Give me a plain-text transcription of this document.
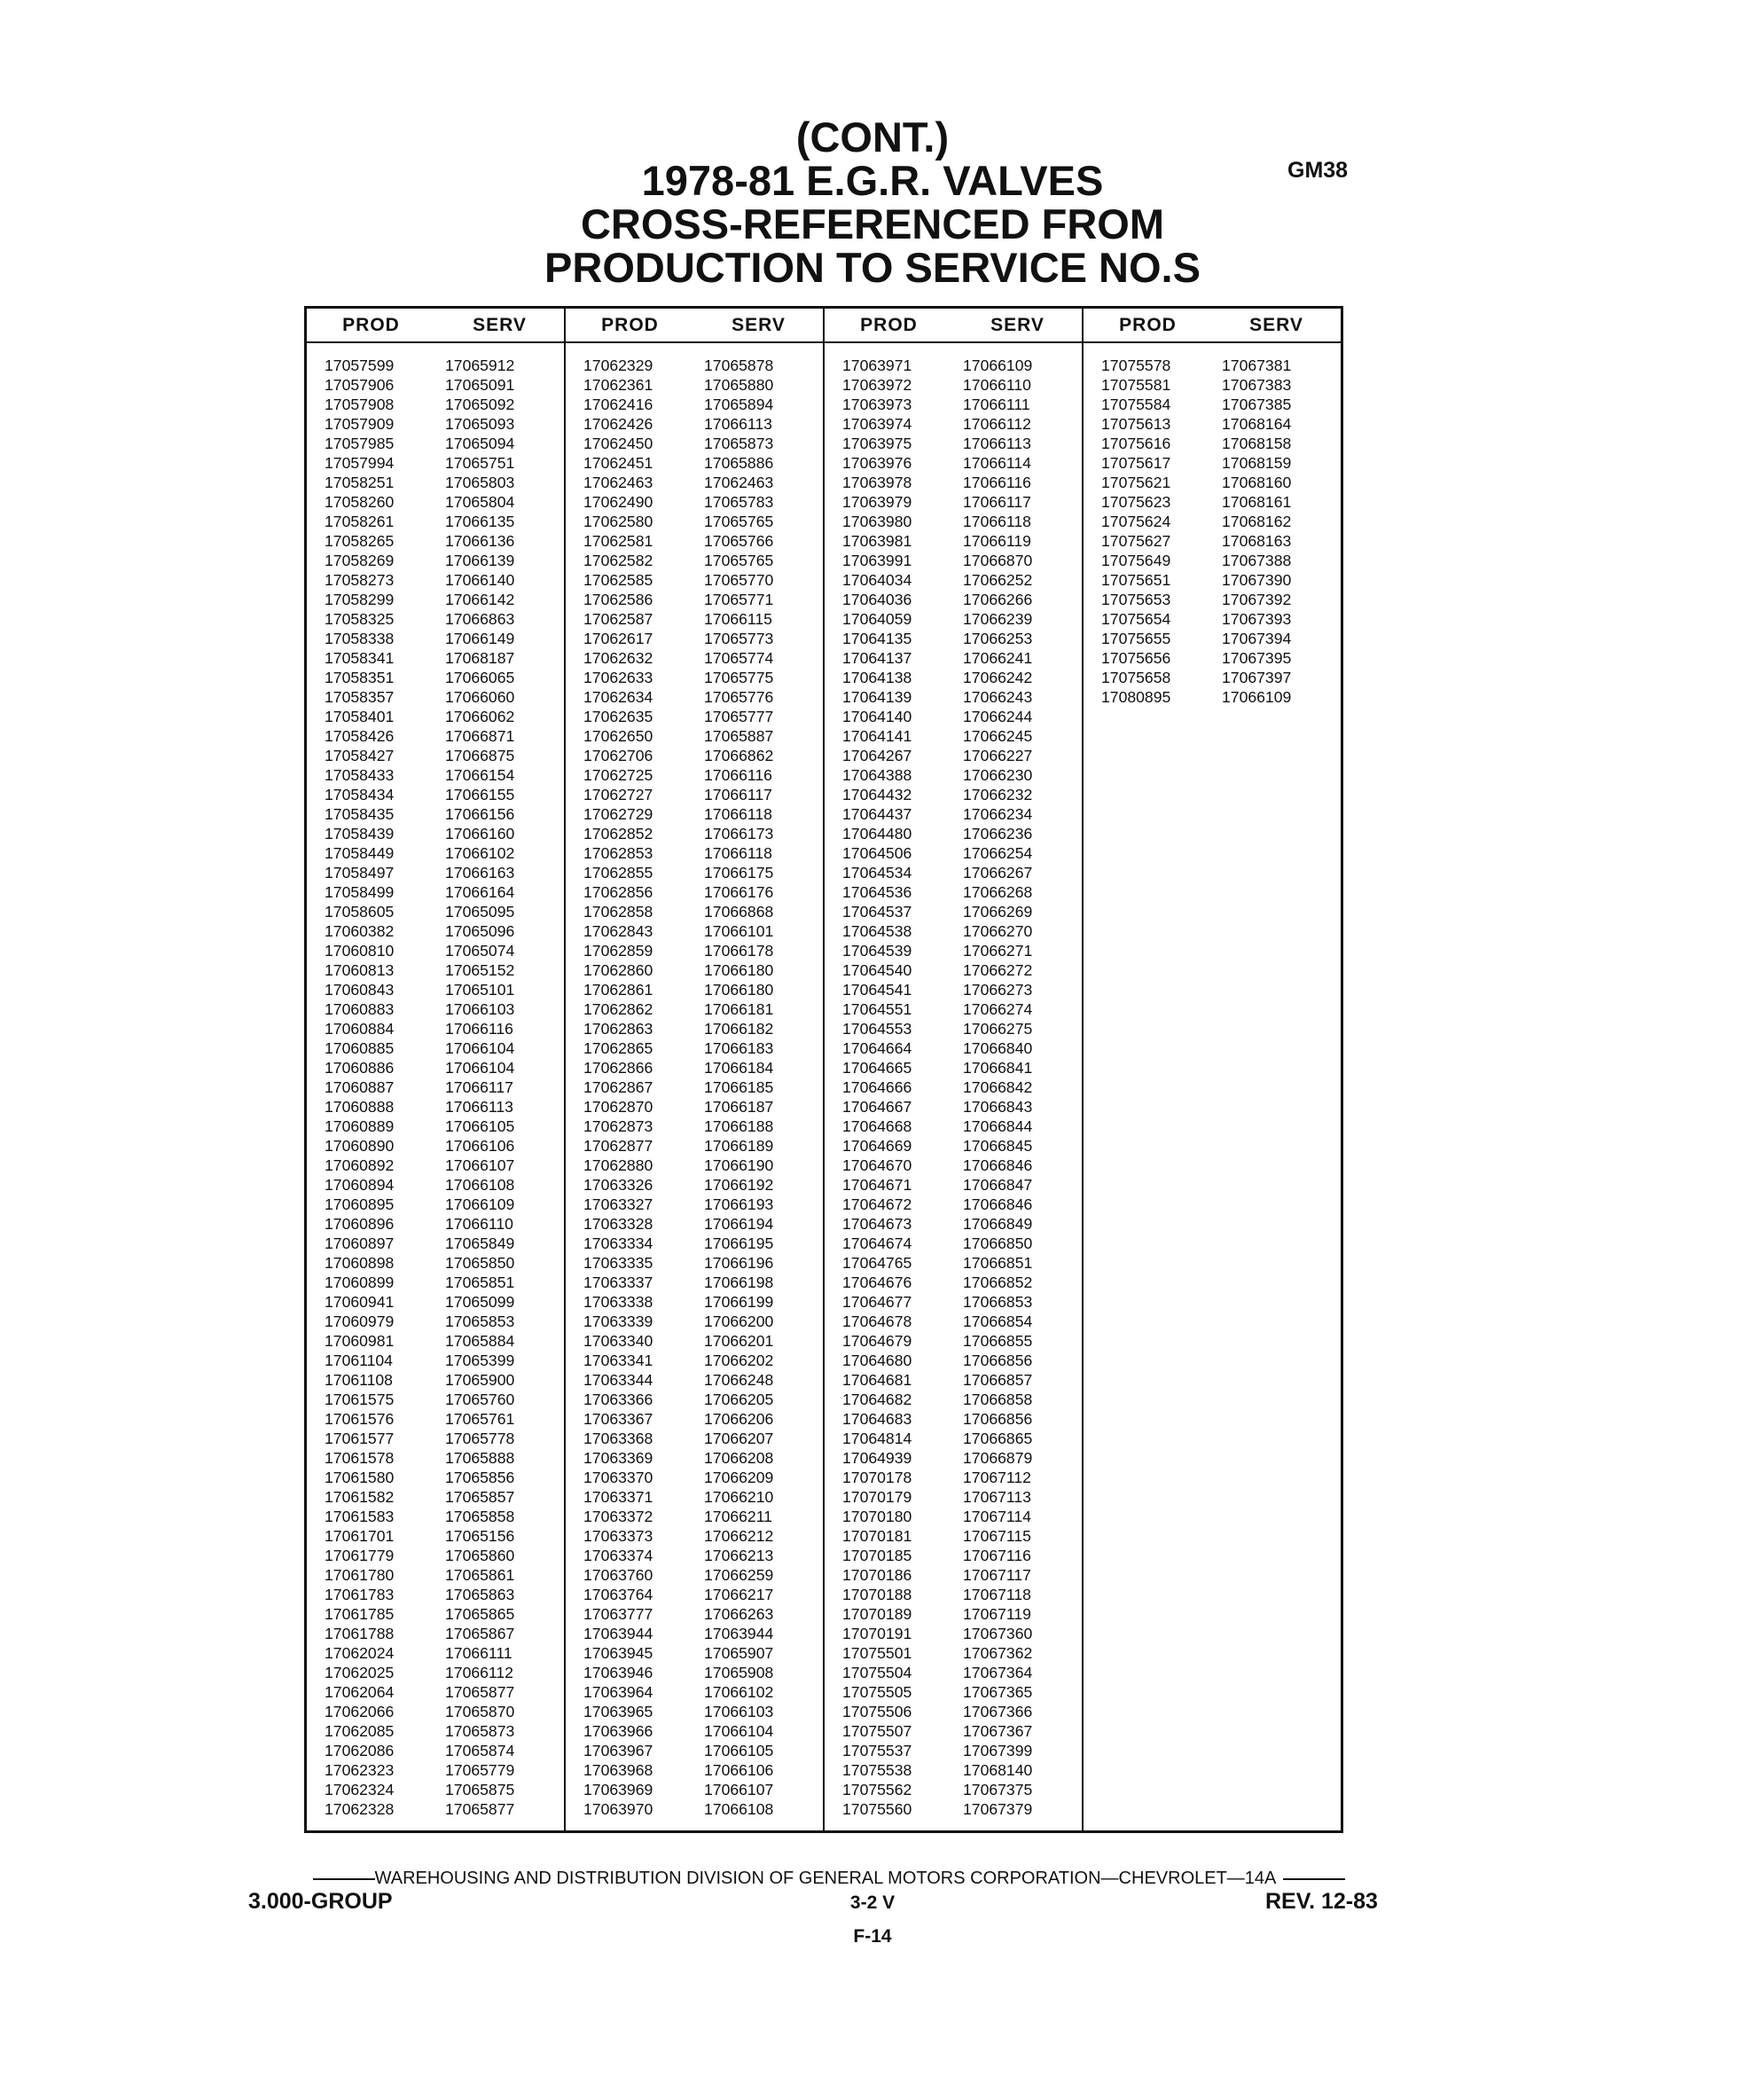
(CONT.)
1978-81 E.G.R. VALVES
CROSS-REFERENCED FROM
PRODUCTION TO SERVICE NO.S
GM38
PROD	SERV
17057599	17065912
17057906	17065091
17057908	17065092
17057909	17065093
17057985	17065094
17057994	17065751
17058251	17065803
17058260	17065804
17058261	17066135
17058265	17066136
17058269	17066139
17058273	17066140
17058299	17066142
17058325	17066863
17058338	17066149
17058341	17068187
17058351	17066065
17058357	17066060
17058401	17066062
17058426	17066871
17058427	17066875
17058433	17066154
17058434	17066155
17058435	17066156
17058439	17066160
17058449	17066102
17058497	17066163
17058499	17066164
17058605	17065095
17060382	17065096
17060810	17065074
17060813	17065152
17060843	17065101
17060883	17066103
17060884	17066116
17060885	17066104
17060886	17066104
17060887	17066117
17060888	17066113
17060889	17066105
17060890	17066106
17060892	17066107
17060894	17066108
17060895	17066109
17060896	17066110
17060897	17065849
17060898	17065850
17060899	17065851
17060941	17065099
17060979	17065853
17060981	17065884
17061104	17065399
17061108	17065900
17061575	17065760
17061576	17065761
17061577	17065778
17061578	17065888
17061580	17065856
17061582	17065857
17061583	17065858
17061701	17065156
17061779	17065860
17061780	17065861
17061783	17065863
17061785	17065865
17061788	17065867
17062024	17066111
17062025	17066112
17062064	17065877
17062066	17065870
17062085	17065873
17062086	17065874
17062323	17065779
17062324	17065875
17062328	17065877
PROD	SERV
17062329	17065878
17062361	17065880
17062416	17065894
17062426	17066113
17062450	17065873
17062451	17065886
17062463	17062463
17062490	17065783
17062580	17065765
17062581	17065766
17062582	17065765
17062585	17065770
17062586	17065771
17062587	17066115
17062617	17065773
17062632	17065774
17062633	17065775
17062634	17065776
17062635	17065777
17062650	17065887
17062706	17066862
17062725	17066116
17062727	17066117
17062729	17066118
17062852	17066173
17062853	17066118
17062855	17066175
17062856	17066176
17062858	17066868
17062843	17066101
17062859	17066178
17062860	17066180
17062861	17066180
17062862	17066181
17062863	17066182
17062865	17066183
17062866	17066184
17062867	17066185
17062870	17066187
17062873	17066188
17062877	17066189
17062880	17066190
17063326	17066192
17063327	17066193
17063328	17066194
17063334	17066195
17063335	17066196
17063337	17066198
17063338	17066199
17063339	17066200
17063340	17066201
17063341	17066202
17063344	17066248
17063366	17066205
17063367	17066206
17063368	17066207
17063369	17066208
17063370	17066209
17063371	17066210
17063372	17066211
17063373	17066212
17063374	17066213
17063760	17066259
17063764	17066217
17063777	17066263
17063944	17063944
17063945	17065907
17063946	17065908
17063964	17066102
17063965	17066103
17063966	17066104
17063967	17066105
17063968	17066106
17063969	17066107
17063970	17066108
PROD	SERV
17063971	17066109
17063972	17066110
17063973	17066111
17063974	17066112
17063975	17066113
17063976	17066114
17063978	17066116
17063979	17066117
17063980	17066118
17063981	17066119
17063991	17066870
17064034	17066252
17064036	17066266
17064059	17066239
17064135	17066253
17064137	17066241
17064138	17066242
17064139	17066243
17064140	17066244
17064141	17066245
17064267	17066227
17064388	17066230
17064432	17066232
17064437	17066234
17064480	17066236
17064506	17066254
17064534	17066267
17064536	17066268
17064537	17066269
17064538	17066270
17064539	17066271
17064540	17066272
17064541	17066273
17064551	17066274
17064553	17066275
17064664	17066840
17064665	17066841
17064666	17066842
17064667	17066843
17064668	17066844
17064669	17066845
17064670	17066846
17064671	17066847
17064672	17066846
17064673	17066849
17064674	17066850
17064765	17066851
17064676	17066852
17064677	17066853
17064678	17066854
17064679	17066855
17064680	17066856
17064681	17066857
17064682	17066858
17064683	17066856
17064814	17066865
17064939	17066879
17070178	17067112
17070179	17067113
17070180	17067114
17070181	17067115
17070185	17067116
17070186	17067117
17070188	17067118
17070189	17067119
17070191	17067360
17075501	17067362
17075504	17067364
17075505	17067365
17075506	17067366
17075507	17067367
17075537	17067399
17075538	17068140
17075562	17067375
17075560	17067379
PROD	SERV
17075578	17067381
17075581	17067383
17075584	17067385
17075613	17068164
17075616	17068158
17075617	17068159
17075621	17068160
17075623	17068161
17075624	17068162
17075627	17068163
17075649	17067388
17075651	17067390
17075653	17067392
17075654	17067393
17075655	17067394
17075656	17067395
17075658	17067397
17080895	17066109
WAREHOUSING AND DISTRIBUTION DIVISION OF GENERAL MOTORS CORPORATION—CHEVROLET—14A
3.000-GROUP	REV. 12-83
3-2 V
F-14
